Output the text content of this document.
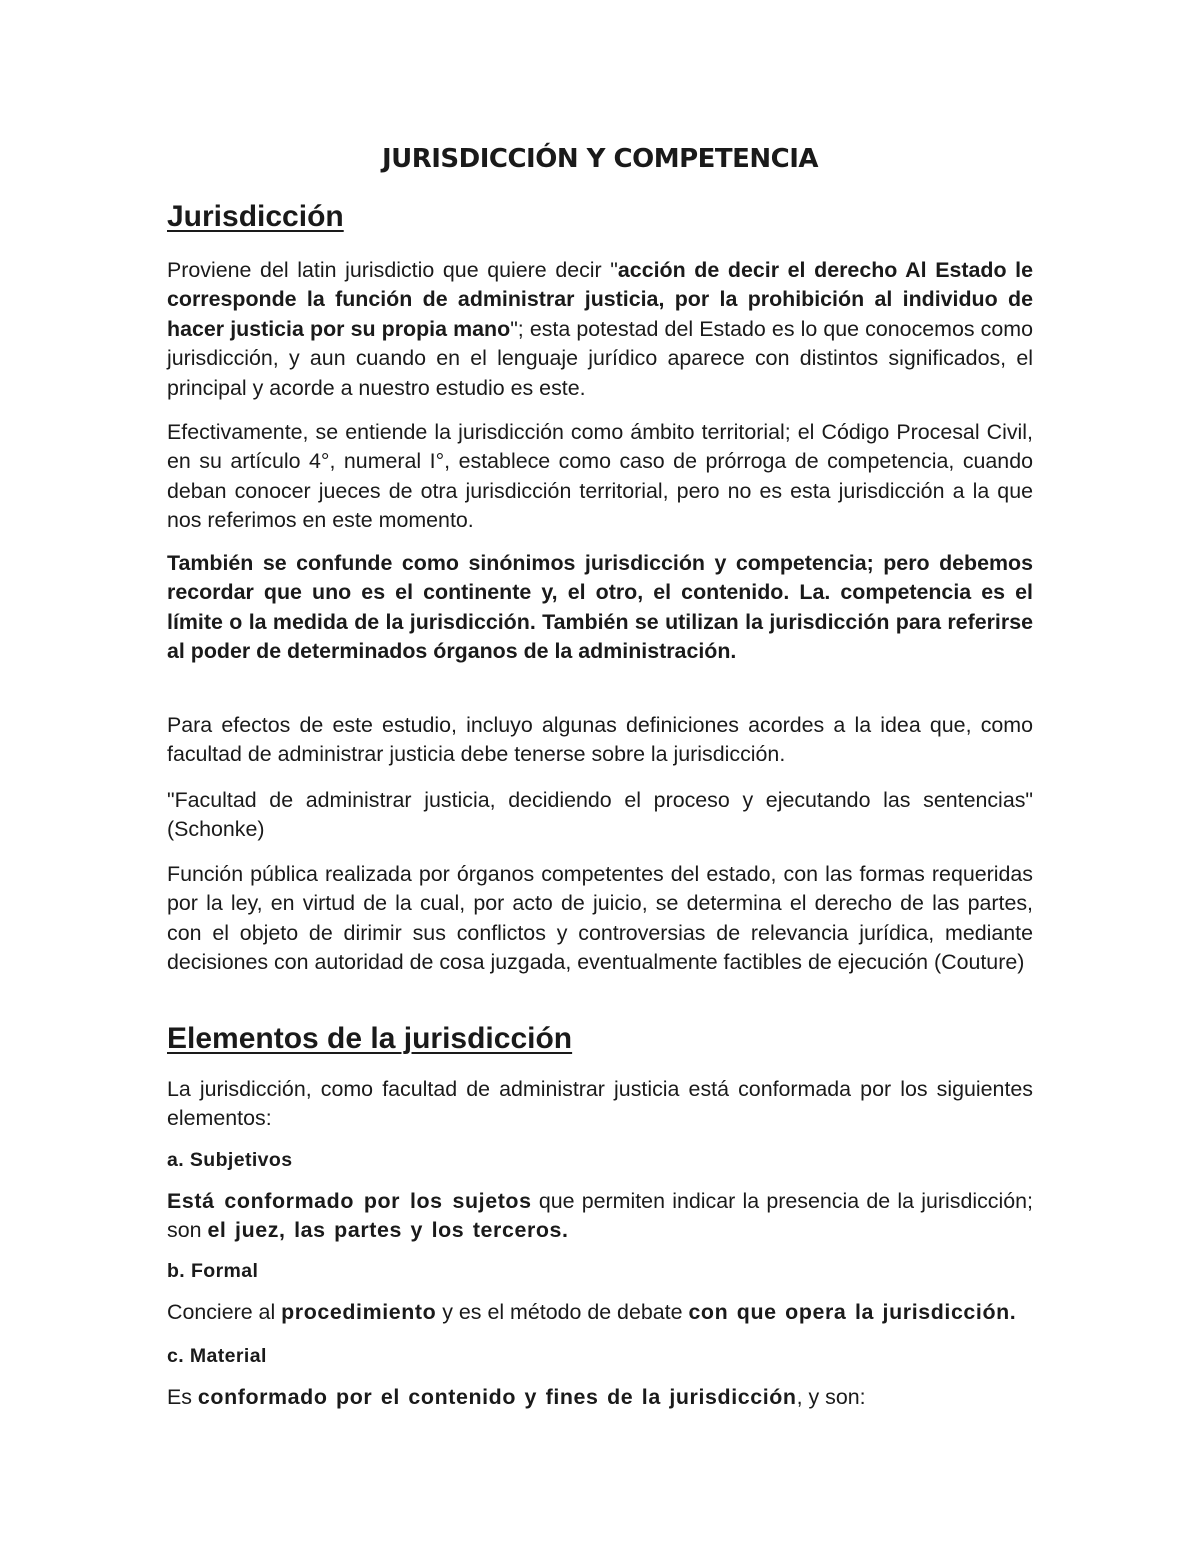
JURISDICCIÓN Y COMPETENCIA
Jurisdicción

Proviene del latin jurisdictio que quiere decir "acción de decir el derecho Al Estado le corresponde la función de administrar justicia, por la prohibición al individuo de hacer justicia por su propia mano"; esta potestad del Estado es lo que conocemos como jurisdicción, y aun cuando en el lenguaje jurídico aparece con distintos significados, el principal y acorde a nuestro estudio es este.

Efectivamente, se entiende la jurisdicción como ámbito territorial; el Código Procesal Civil, en su artículo 4°, numeral I°, establece como caso de prórroga de competencia, cuando deban conocer jueces de otra jurisdicción territorial, pero no es esta jurisdicción a la que nos referimos en este momento.

También se confunde como sinónimos jurisdicción y competencia; pero debemos recordar que uno es el continente y, el otro, el contenido. La. competencia es el límite o la medida de la jurisdicción. También se utilizan la jurisdicción para referirse al poder de determinados órganos de la administración.

Para efectos de este estudio, incluyo algunas definiciones acordes a la idea que, como facultad de administrar justicia debe tenerse sobre la jurisdicción.

"Facultad de administrar justicia, decidiendo el proceso y ejecutando las sentencias" (Schonke)

Función pública realizada por órganos competentes del estado, con las formas requeridas por la ley, en virtud de la cual, por acto de juicio, se determina el derecho de las partes, con el objeto de dirimir sus conflictos y controversias de relevancia jurídica, mediante decisiones con autoridad de cosa juzgada, eventualmente factibles de ejecución (Couture)

Elementos de la jurisdicción

La jurisdicción, como facultad de administrar justicia está conformada por los siguientes elementos:

a. Subjetivos

Está conformado por los sujetos que permiten indicar la presencia de la jurisdicción; son el juez, las partes y los terceros.

b. Formal

Conciere al procedimiento y es el método de debate con que opera la jurisdicción.

c. Material

Es conformado por el contenido y fines de la jurisdicción, y son:
